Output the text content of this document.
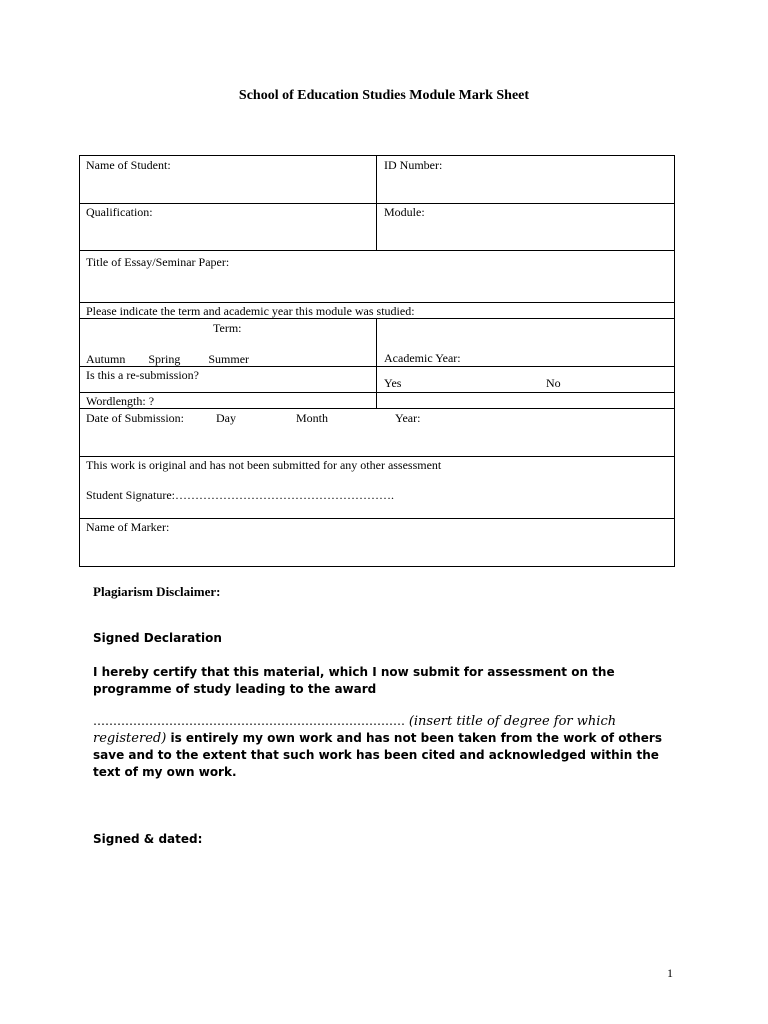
School of Education Studies Module Mark Sheet
Name of Student:	ID Number:
Qualification:	Module:
Title of Essay/Seminar Paper:
Please indicate the term and academic year this module was studied:
Term:
Autumn Spring Summer	Academic Year:
Is this a re-submission?
Yes	No
Wordlength: ?
Date of Submission:	Day	Month	Year:
This work is original and has not been submitted for any other assessment
Student Signature:……………………………………………….
Name of Marker:
Plagiarism Disclaimer:
Signed Declaration
I hereby certify that this material, which I now submit for assessment on the programme of study leading to the award
…………………………………………………………………… (insert title of degree for which registered) is entirely my own work and has not been taken from the work of others save and to the extent that such work has been cited and acknowledged within the text of my own work.
Signed & dated:
1
